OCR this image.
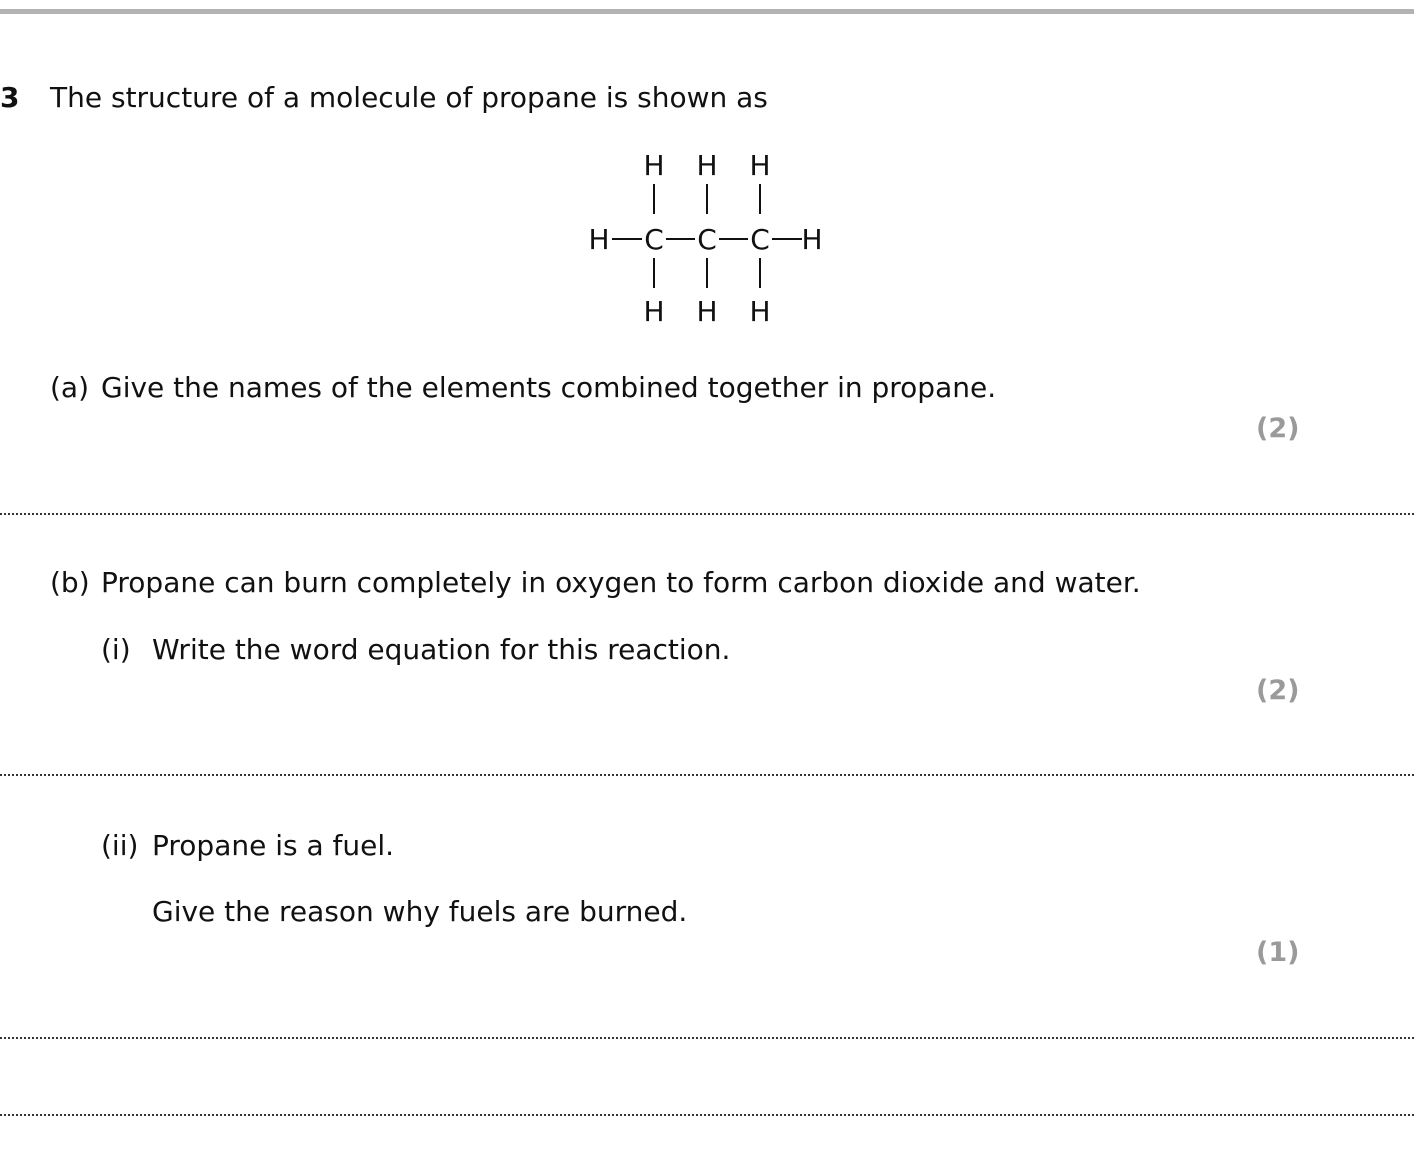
3 The structure of a molecule of propane is shown as
H H H
H C C C H
H H H
(a) Give the names of the elements combined together in propane.
(2)
(b) Propane can burn completely in oxygen to form carbon dioxide and water.
(i) Write the word equation for this reaction.
(2)
(ii) Propane is a fuel.
Give the reason why fuels are burned.
(1)
